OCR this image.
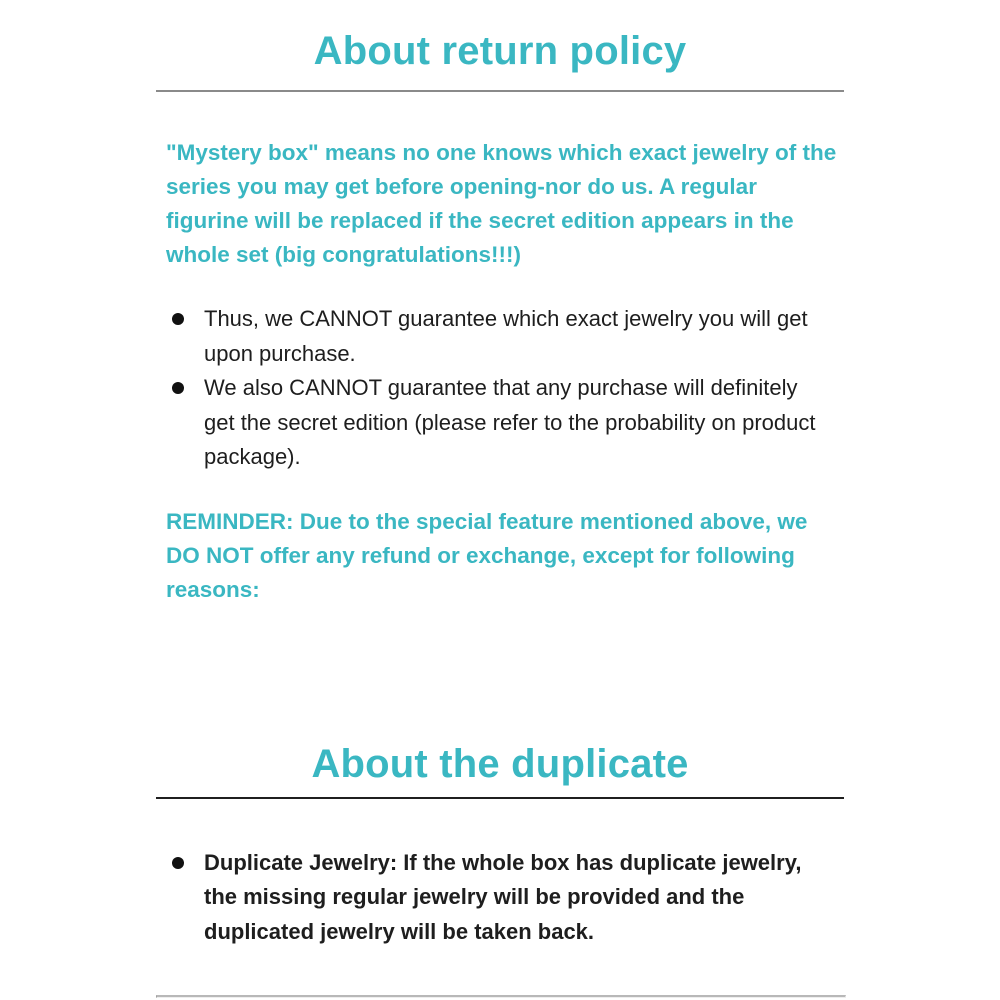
About return policy

"Mystery box" means no one knows which exact jewelry of the series you may get before opening-nor do us. A regular figurine will be replaced if the secret edition appears in the whole set (big congratulations!!!)

Thus, we CANNOT guarantee which exact jewelry you will get upon purchase.
We also CANNOT guarantee that any purchase will definitely get the secret edition (please refer to the probability on product package).

REMINDER: Due to the special feature mentioned above, we DO NOT offer any refund or exchange, except for following reasons:

About the duplicate
Duplicate Jewelry: If the whole box has duplicate jewelry, the missing regular jewelry will be provided and the duplicated jewelry will be taken back.
